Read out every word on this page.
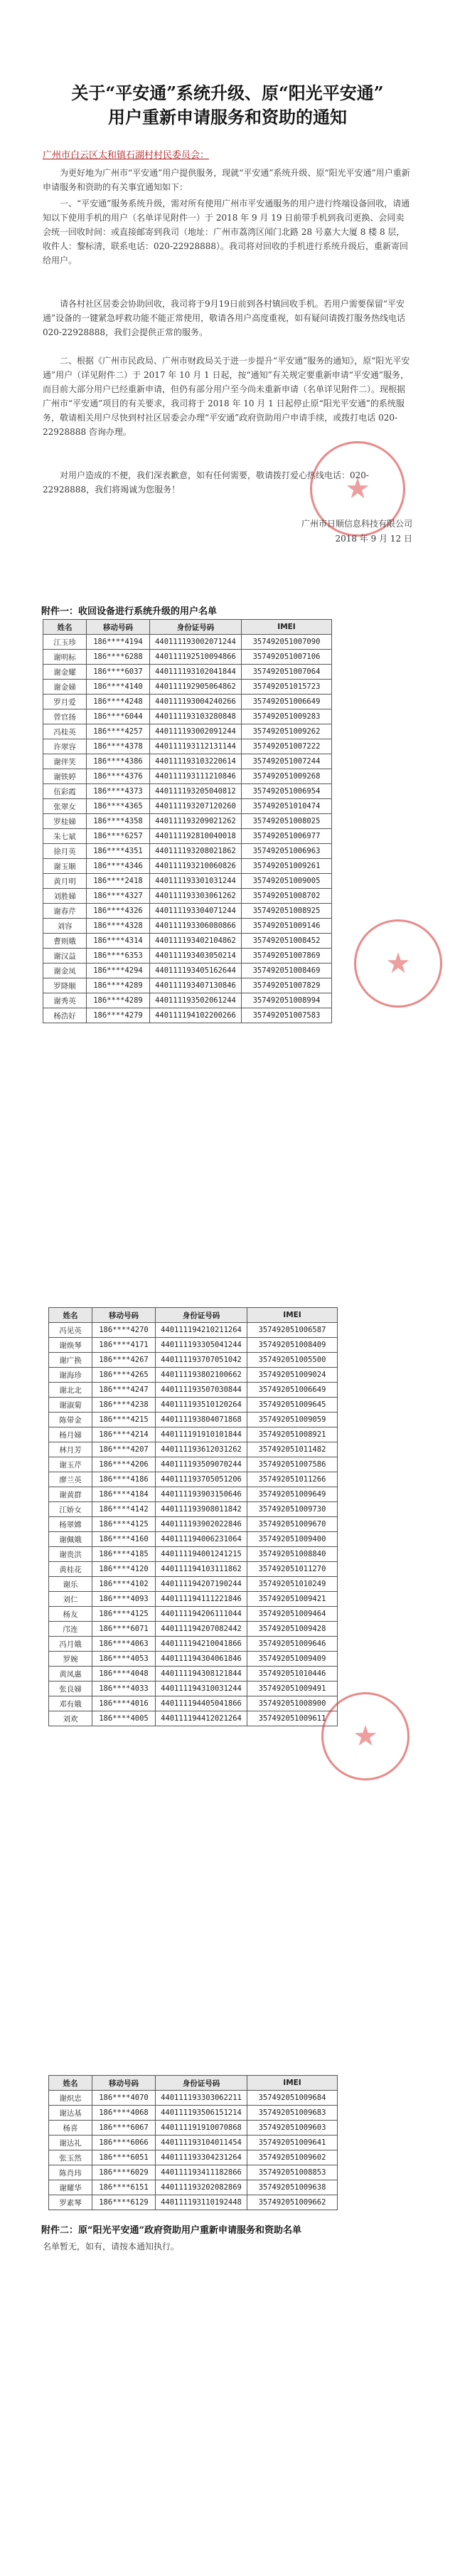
关于“平安通”系统升级、原“阳光平安通”
用户重新申请服务和资助的通知
广州市白云区太和镇石湖村村民委员会：
为更好地为广州市“平安通”用户提供服务，现就“平安通”系统升级、原“阳光平安通”用户重新申请服务和资助的有关事宜通知如下：
一、“平安通”服务系统升级，需对所有使用广州市平安通服务的用户进行终端设备回收，请通知以下使用手机的用户（名单详见附件一）于 2018 年 9 月 19 日前带手机到我司更换、会同卖会统一回收时间：或直接邮寄到我司（地址：广州市荔湾区闻门北路 28 号嘉大大厦 8 楼 8 层，收件人：黎标清，联系电话：020-22928888）。我司将对回收的手机进行系统升级后，重新寄回给用户。
请各村社区居委会协助回收，我司将于9月19日前到各村镇回收手机。若用户需要保留“平安通”设备的一键紧急呼救功能不能正常使用，敬请各用户高度重视，如有疑问请拨打服务热线电话 020-22928888，我们会提供正常的服务。
二、根据《广州市民政局、广州市财政局关于进一步提升“平安通”服务的通知》，原“阳光平安通”用户（详见附件二）于 2017 年 10 月 1 日起，按“通知”有关规定要重新申请“平安通”服务，而目前大部分用户已经重新申请，但仍有部分用户至今尚未重新申请（名单详见附件二）。现根据广州市“平安通”项目的有关要求，我司将于 2018 年 10 月 1 日起停止原“阳光平安通”的系统服务，敬请相关用户尽快到村社区居委会办理“平安通”政府资助用户申请手续，或拨打电话 020-22928888 咨询办理。
对用户造成的不便，我们深表歉意，如有任何需要，敬请拨打爱心热线电话：020-22928888，我们将竭诚为您服务！	★
广州市日顺信息科技有限公司
2018 年 9 月 12 日
附件一：收回设备进行系统升级的用户名单
姓名	移动号码	身份证号码	IMEI
江玉珍	186****4194	440111193002071244	357492051007090
谢明标	186****6288	440111192510094866	357492051007106
谢金耀	186****6037	440111193102041844	357492051007064
谢金娣	186****4140	440111192905064862	357492051015723
罗月爱	186****4248	440111193004240266	357492051006649
曾官扬	186****6044	440111193103280848	357492051009283
冯桂英	186****4257	440111193002091244	357492051009262
许翠容	186****4378	440111193112131144	357492051007222
谢伴笑	186****4386	440111193103220614	357492051007244
谢铁婷	186****4376	440111193111210846	357492051009268
伍彩霞	186****4373	440111193205040812	357492051006954
张翠女	186****4365	440111193207120260	357492051010474
罗桂娣	186****4358	440111193209021262	357492051008025
朱七斌	186****6257	440111192810040018	357492051006977
徐月英	186****4351	440111193208021862	357492051006963
谢玉顺	186****4346	440111193210060826	357492051009261
黄月明	186****2418	440111193301031244	357492051009005
刘胜娣	186****4327	440111193303061262	357492051008702
谢春芹	186****4326	440111193304071244	357492051008925
刘容	186****4328	440111193306080866	357492051009146
曹则娥	186****4314	440111193402104862	357492051008452
谢汉益	186****6353	440111193403050214	357492051007869
谢金凤	186****4294	440111193405162644	357492051008469
罗降顺	186****4289	440111193407130846	357492051007829
谢秀英	186****4289	440111193502061244	357492051008994
杨浩好	186****4279	440111194102200266	357492051007583
★
姓名	移动号码	身份证号码	IMEI
冯见英	186****4270	440111194210211264	357492051006587
谢焕琴	186****4171	440111193305041244	357492051008409
谢广换	186****4267	440111193707051042	357492051005500
谢海珍	186****4265	440111193802100662	357492051009024
谢北北	186****4247	440111193507030844	357492051006649
谢淑菊	186****4238	440111193510120264	357492051009645
陈带金	186****4215	440111193804071868	357492051009059
杨月娣	186****4214	440111191910101844	357492051008921
林月芳	186****4207	440111193612031262	357492051011482
谢玉芹	186****4206	440111193509070244	357492051007586
廖兰英	186****4186	440111193705051206	357492051011266
谢黄群	186****4184	440111193903150646	357492051009649
江娇女	186****4142	440111193908011842	357492051009730
杨翠嫦	186****4125	440111193902022846	357492051009670
谢佩娥	186****4160	440111194006231064	357492051009400
谢贵洪	186****4185	440111194001241215	357492051008840
黄桂花	186****4120	440111194103111862	357492051011270
谢乐	186****4102	440111194207190244	357492051010249
刘仁	186****4093	440111194111221846	357492051009421
杨友	186****4125	440111194206111044	357492051009464
邝连	186****6071	440111194207082442	357492051009428
冯月娥	186****4063	440111194210041866	357492051009646
罗婉	186****4053	440111194304061846	357492051009409
黄凤惠	186****4048	440111194308121844	357492051010446
张良娣	186****4033	440111194310031244	357492051009491
邓有娥	186****4016	440111194405041866	357492051008900
刘欢	186****4005	440111194412021264	357492051009611
★
姓名	移动号码	身份证号码	IMEI
谢炽忠	186****4070	440111193303062211	357492051009684
谢达基	186****4068	440111193506151214	357492051009683
杨喜	186****6067	440111191910070868	357492051009603
谢达礼	186****6066	440111193104011454	357492051009641
张玉然	186****6051	440111193304231264	357492051009602
陈肖玮	186****6029	440111193411182866	357492051008853
谢耀华	186****6151	440111193202082869	357492051009638
罗素琴	186****6129	440111193110192448	357492051009662
附件二：原“阳光平安通”政府资助用户重新申请服务和资助名单
名单暂无，如有，请按本通知执行。
